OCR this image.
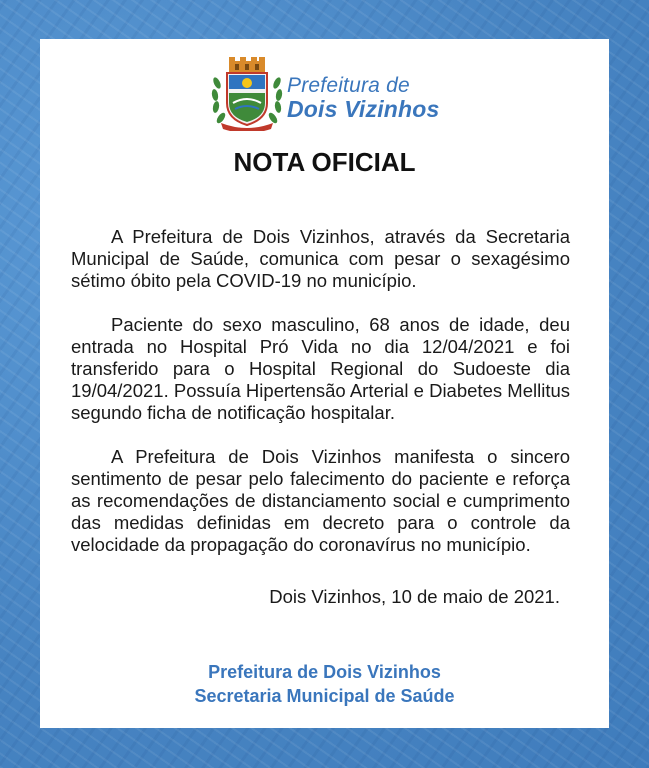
Prefeitura de
Dois Vizinhos
NOTA OFICIAL

A Prefeitura de Dois Vizinhos, através da Secretaria Municipal de Saúde, comunica com pesar o sexagésimo sétimo óbito pela COVID-19 no município.

Paciente do sexo masculino, 68 anos de idade, deu entrada no Hospital Pró Vida no dia 12/04/2021 e foi transferido para o Hospital Regional do Sudoeste dia 19/04/2021. Possuía Hipertensão Arterial e Diabetes Mellitus segundo ficha de notificação hospitalar.

A Prefeitura de Dois Vizinhos manifesta o sincero sentimento de pesar pelo falecimento do paciente e reforça as recomendações de distanciamento social e cumprimento das medidas definidas em decreto para o controle da velocidade da propagação do coronavírus no município.

Dois Vizinhos, 10 de maio de 2021.
Prefeitura de Dois Vizinhos
Secretaria Municipal de Saúde
